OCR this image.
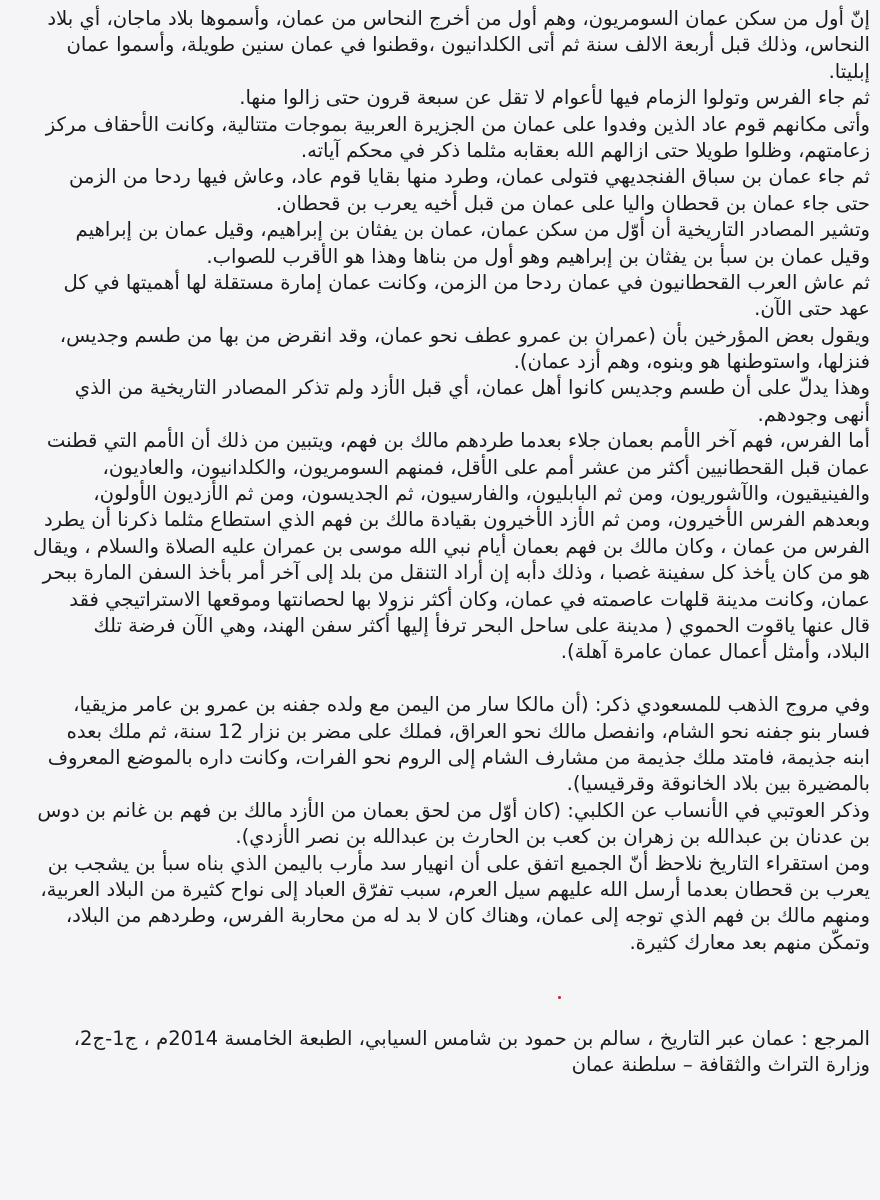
إنّ أول من سكن عمان السومريون، وهم أول من أخرج النحاس من عمان، وأسموها بلاد ماجان، أي بلاد
النحاس، وذلك قبل أربعة الالف سنة ثم أتى الكلدانيون ،وقطنوا في عمان سنين طويلة، وأسموا عمان
إبليتا.
ثم جاء الفرس وتولوا الزمام فيها لأعوام لا تقل عن سبعة قرون حتى زالوا منها.
وأتى مكانهم قوم عاد الذين وفدوا على عمان من الجزيرة العربية بموجات متتالية، وكانت الأحقاف مركز
زعامتهم، وظلوا طويلا حتى ازالهم الله بعقابه مثلما ذكر في محكم آياته.
ثم جاء عمان بن سباق الفنجديهي فتولى عمان، وطرد منها بقايا قوم عاد، وعاش فيها ردحا من الزمن
حتى جاء عمان بن قحطان واليا على عمان من قبل أخيه يعرب بن قحطان.
وتشير المصادر التاريخية أن أوّل من سكن عمان، عمان بن يفثان بن إبراهيم، وقيل عمان بن إبراهيم
وقيل عمان بن سبأ بن يفثان بن إبراهيم وهو أول من بناها وهذا هو الأقرب للصواب.
ثم عاش العرب القحطانيون في عمان ردحا من الزمن، وكانت عمان إمارة مستقلة لها أهميتها في كل
عهد حتى الآن.
ويقول بعض المؤرخين بأن (عمران بن عمرو عطف نحو عمان، وقد انقرض من بها من طسم وجديس،
فنزلها، واستوطنها هو وبنوه، وهم أزد عمان).
وهذا يدلّ على أن طسم وجديس كانوا أهل عمان، أي قبل الأزد ولم تذكر المصادر التاريخية من الذي
أنهى وجودهم.
أما الفرس، فهم آخر الأمم بعمان جلاء بعدما طردهم مالك بن فهم، ويتبين من ذلك أن الأمم التي قطنت
عمان قبل القحطانيين أكثر من عشر أمم على الأقل، فمنهم السومريون، والكلدانيون، والعاديون،
والفينيقيون، والآشوريون، ومن ثم البابليون، والفارسيون، ثم الجديسون، ومن ثم الأزديون الأولون،
وبعدهم الفرس الأخيرون، ومن ثم الأزد الأخيرون بقيادة مالك بن فهم الذي استطاع مثلما ذكرنا أن يطرد
الفرس من عمان ، وكان مالك بن فهم بعمان أيام نبي الله موسى بن عمران عليه الصلاة والسلام ، ويقال
هو من كان يأخذ كل سفينة غصبا ، وذلك دأبه إن أراد التنقل من بلد إلى آخر أمر بأخذ السفن المارة ببحر
عمان، وكانت مدينة قلهات عاصمته في عمان، وكان أكثر نزولا بها لحصانتها وموقعها الاستراتيجي فقد
قال عنها ياقوت الحموي ( مدينة على ساحل البحر ترفأ إليها أكثر سفن الهند، وهي الآن فرضة تلك
البلاد، وأمثل أعمال عمان عامرة آهلة).
وفي مروج الذهب للمسعودي ذكر: (أن مالكا سار من اليمن مع ولده جفنه بن عمرو بن عامر مزيقيا،
فسار بنو جفنه نحو الشام، وانفصل مالك نحو العراق، فملك على مضر بن نزار 12 سنة، ثم ملك بعده
ابنه جذيمة، فامتد ملك جذيمة من مشارف الشام إلى الروم نحو الفرات، وكانت داره بالموضع المعروف
بالمضيرة بين بلاد الخانوقة وقرقيسيا).
وذكر العوتبي في الأنساب عن الكلبي: (كان أوّل من لحق بعمان من الأزد مالك بن فهم بن غانم بن دوس
بن عدنان بن عبدالله بن زهران بن كعب بن الحارث بن عبدالله بن نصر الأزدي).
ومن استقراء التاريخ نلاحظ أنّ الجميع اتفق على أن انهيار سد مأرب باليمن الذي بناه سبأ بن يشجب بن
يعرب بن قحطان بعدما أرسل الله عليهم سيل العرم، سبب تفرّق العباد إلى نواح كثيرة من البلاد العربية،
ومنهم مالك بن فهم الذي توجه إلى عمان، وهناك كان لا بد له من محاربة الفرس، وطردهم من البلاد،
وتمكّن منهم بعد معارك كثيرة.
المرجع : عمان عبر التاريخ ، سالم بن حمود بن شامس السيابي، الطبعة الخامسة 2014م ، ج1-ج2،
وزارة التراث والثقافة – سلطنة عمان
